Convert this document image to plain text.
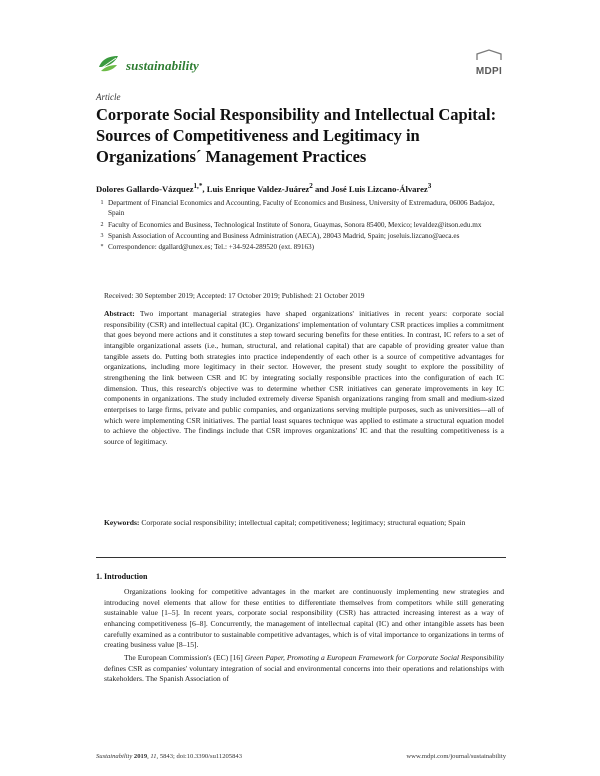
sustainability	MDPI
Article
Corporate Social Responsibility and Intellectual Capital: Sources of Competitiveness and Legitimacy in Organizations´ Management Practices
Dolores Gallardo-Vázquez$^{1,*}$, Luis Enrique Valdez-Juárez$^2$ and José Luis Lizcano-Álvarez$^3$
1 Department of Financial Economics and Accounting, Faculty of Economics and Business, University of Extremadura, 06006 Badajoz, Spain
2 Faculty of Economics and Business, Technological Institute of Sonora, Guaymas, Sonora 85400, Mexico; levaldez@itson.edu.mx
3 Spanish Association of Accounting and Business Administration (AECA), 28043 Madrid, Spain; joseluis.lizcano@aeca.es
* Correspondence: dgallard@unex.es; Tel.: +34-924-289520 (ext. 89163)
Received: 30 September 2019; Accepted: 17 October 2019; Published: 21 October 2019

Abstract: Two important managerial strategies have shaped organizations' initiatives in recent years: corporate social responsibility (CSR) and intellectual capital (IC). Organizations' implementation of voluntary CSR practices implies a commitment that goes beyond mere actions and it constitutes a step toward securing benefits for these entities. In contrast, IC refers to a set of intangible organizational assets (i.e., human, structural, and relational capital) that are capable of providing greater value than tangible assets do. Putting both strategies into practice independently of each other is a source of competitive advantages for organizations, including more legitimacy in their sector. However, the present study sought to explore the possibility of strengthening the link between CSR and IC by integrating socially responsible practices into the configuration of each IC dimension. Thus, this research's objective was to determine whether CSR initiatives can generate improvements in key IC components in organizations. The study included extremely diverse Spanish organizations ranging from small and medium-sized enterprises to large firms, private and public companies, and organizations serving multiple purposes, such as universities—all of which were implementing CSR initiatives. The partial least squares technique was applied to estimate a structural equation model to achieve the objective. The findings include that CSR improves organizations' IC and that the resulting competitiveness is a source of legitimacy.

Keywords: Corporate social responsibility; intellectual capital; competitiveness; legitimacy; structural equation; Spain

1. Introduction

Organizations looking for competitive advantages in the market are continuously implementing new strategies and introducing novel elements that allow for these entities to differentiate themselves from competitors while still generating sustainable value [1–5]. In recent years, corporate social responsibility (CSR) has attracted increasing interest as a way of enhancing competitiveness [6–8]. Concurrently, the management of intellectual capital (IC) and other intangible assets has been carefully examined as a contributor to sustainable competitive advantages, which is of vital importance to organizations in terms of creating business value [8–15].

The European Commission's (EC) [16] Green Paper, Promoting a European Framework for Corporate Social Responsibility defines CSR as companies' voluntary integration of social and environmental concerns into their operations and relationships with stakeholders. The Spanish Association of

Sustainability 2019, 11, 5843; doi:10.3390/su11205843	www.mdpi.com/journal/sustainability
